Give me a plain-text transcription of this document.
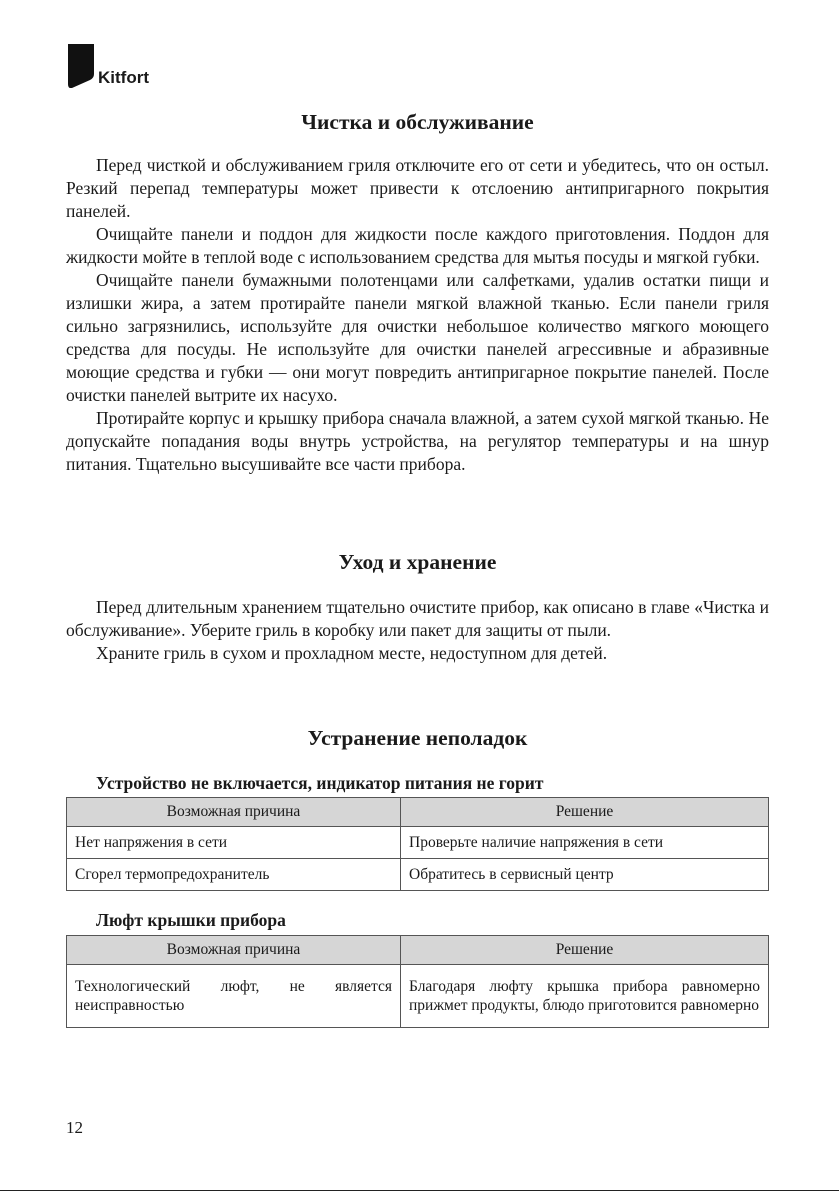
Kitfort
Чистка и обслуживание

Перед чисткой и обслуживанием гриля отключите его от сети и убедитесь, что он остыл. Резкий перепад температуры может привести к отслоению антипригарного покрытия панелей.

Очищайте панели и поддон для жидкости после каждого приготовления. Поддон для жидкости мойте в теплой воде с использованием средства для мытья посуды и мягкой губки.

Очищайте панели бумажными полотенцами или салфетками, удалив остатки пищи и излишки жира, а затем протирайте панели мягкой влажной тканью. Если панели гриля сильно загрязнились, используйте для очистки небольшое количество мягкого моющего средства для посуды. Не используйте для очистки панелей агрессивные и абразивные моющие средства и губки — они могут повредить антипригарное покрытие панелей. После очистки панелей вытрите их насухо.

Протирайте корпус и крышку прибора сначала влажной, а затем сухой мягкой тканью. Не допускайте попадания воды внутрь устройства, на регулятор температуры и на шнур питания. Тщательно высушивайте все части прибора.

Уход и хранение

Перед длительным хранением тщательно очистите прибор, как описано в главе «Чистка и обслуживание». Уберите гриль в коробку или пакет для защиты от пыли.

Храните гриль в сухом и прохладном месте, недоступном для детей.

Устранение неполадок
Устройство не включается, индикатор питания не горит
Возможная причина	Решение
Нет напряжения в сети	Проверьте наличие напряжения в сети
Сгорел термопредохранитель	Обратитесь в сервисный центр
Люфт крышки прибора
Возможная причина	Решение
Технологический люфт, не является неисправностью	Благодаря люфту крышка прибора равномерно прижмет продукты, блюдо приготовится равномерно
12
